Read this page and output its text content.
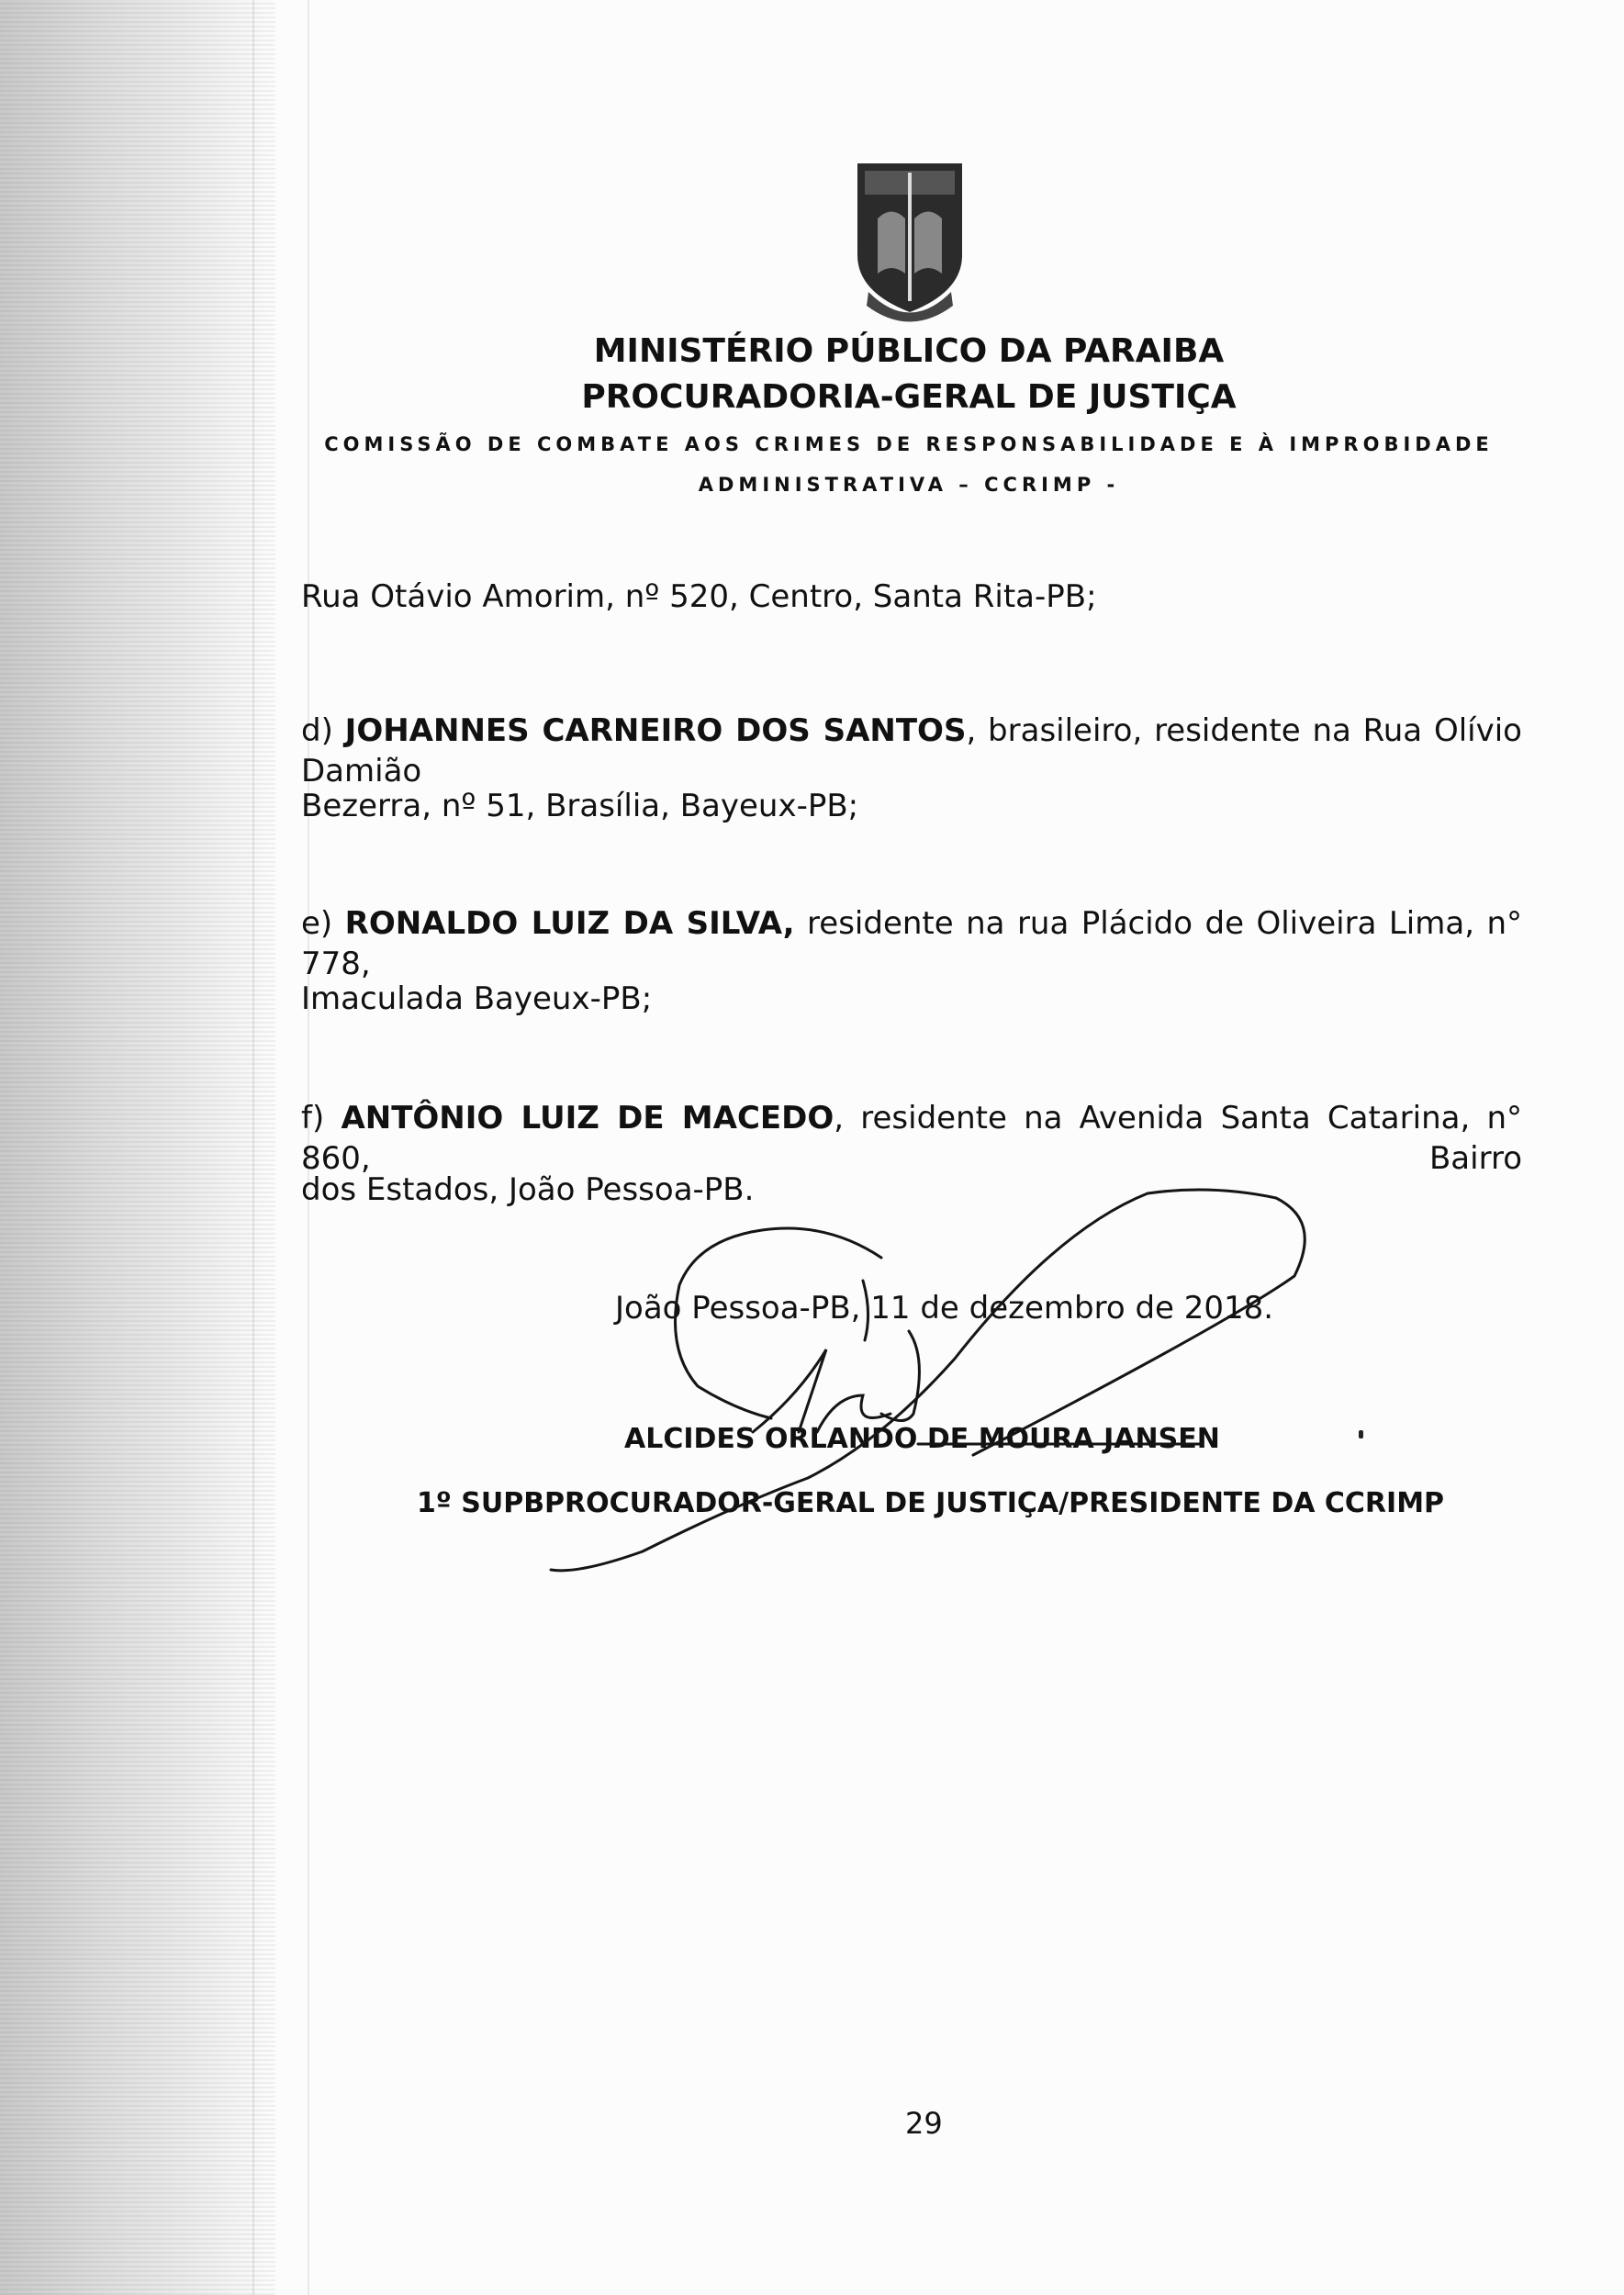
MINISTÉRIO PÚBLICO DA PARAIBA
PROCURADORIA-GERAL DE JUSTIÇA
COMISSÃO DE COMBATE AOS CRIMES DE RESPONSABILIDADE E À IMPROBIDADE
ADMINISTRATIVA – CCRIMP -
Rua Otávio Amorim, nº 520, Centro, Santa Rita-PB;
d) JOHANNES CARNEIRO DOS SANTOS, brasileiro, residente na Rua Olívio Damião
Bezerra, nº 51, Brasília, Bayeux-PB;
e) RONALDO LUIZ DA SILVA, residente na rua Plácido de Oliveira Lima, n° 778,
Imaculada Bayeux-PB;
f) ANTÔNIO LUIZ DE MACEDO, residente na Avenida Santa Catarina, n° 860, Bairro
dos Estados, João Pessoa-PB.
João Pessoa-PB, 11 de dezembro de 2018.
ALCIDES ORLANDO DE MOURA JANSEN
1º SUPBPROCURADOR-GERAL DE JUSTIÇA/PRESIDENTE DA CCRIMP
29
